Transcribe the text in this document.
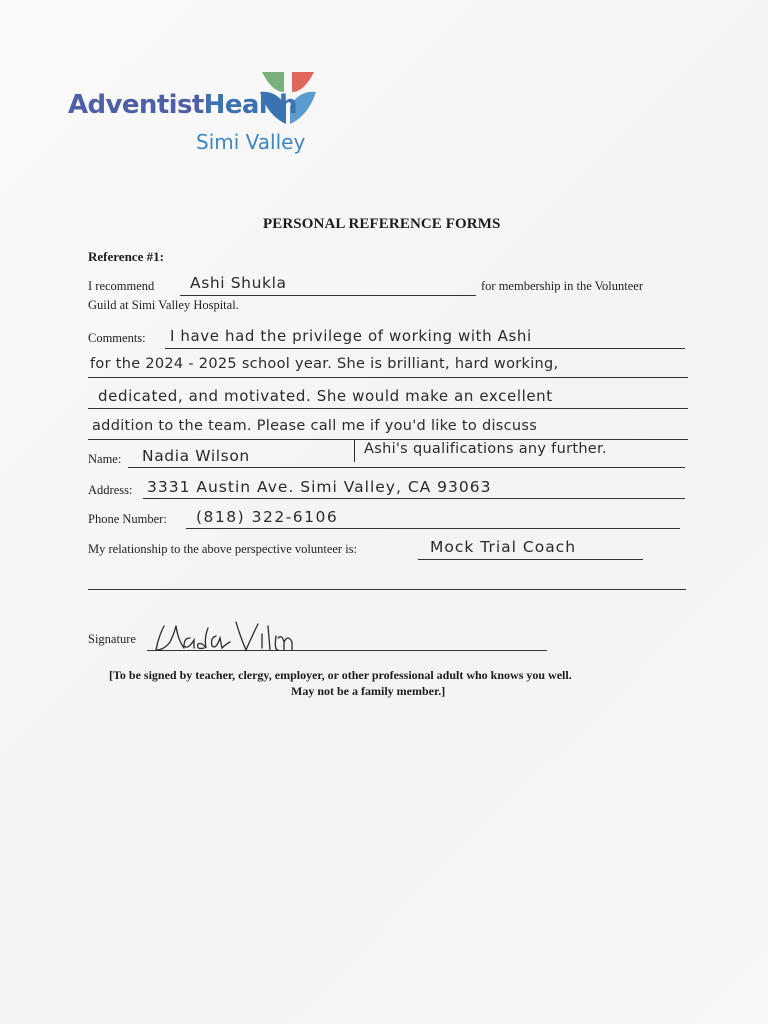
AdventistHealth
Simi Valley
PERSONAL REFERENCE FORMS
Reference #1:
I recommend Ashi Shukla	for membership in the Volunteer
Guild at Simi Valley Hospital.
Comments: I have had the privilege of working with Ashi
for the 2024 - 2025 school year. She is brilliant, hard working,
dedicated, and motivated. She would make an excellent
addition to the team. Please call me if you'd like to discuss
Name: Nadia Wilson	Ashi's qualifications any further.
Address: 3331 Austin Ave. Simi Valley, CA 93063
Phone Number: (818) 322-6106
My relationship to the above perspective volunteer is:	Mock Trial Coach
Signature
[To be signed by teacher, clergy, employer, or other professional adult who knows you well.
May not be a family member.]
